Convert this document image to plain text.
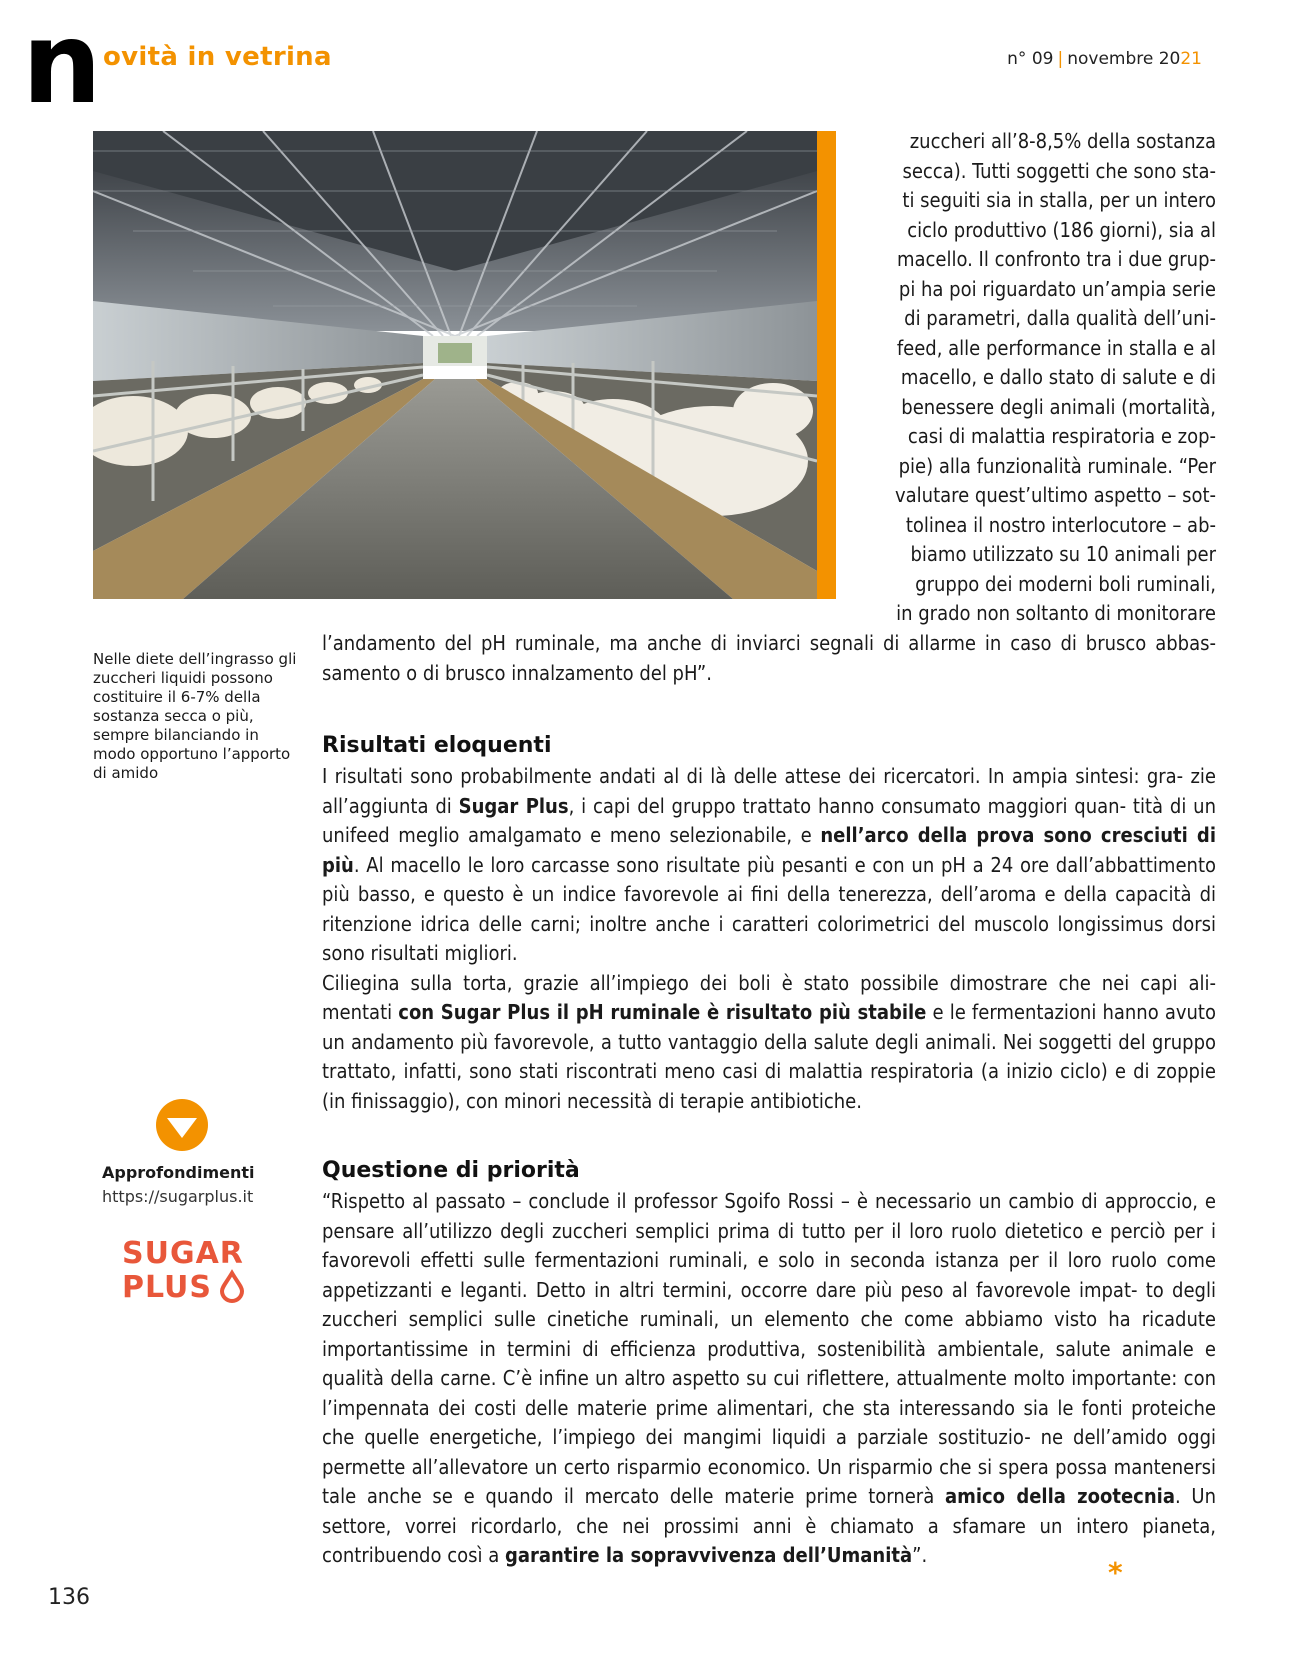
n ovità in vetrina	n° 09 | novembre 2021
zuccheri all’8-8,5% della sostanza
secca). Tutti soggetti che sono sta-
ti seguiti sia in stalla, per un intero
ciclo produttivo (186 giorni), sia al
macello. Il confronto tra i due grup-
pi ha poi riguardato un’ampia serie
di parametri, dalla qualità dell’uni-
feed, alle performance in stalla e al
macello, e dallo stato di salute e di
benessere degli animali (mortalità,
casi di malattia respiratoria e zop-
pie) alla funzionalità ruminale. “Per
valutare quest’ultimo aspetto – sot-
tolinea il nostro interlocutore – ab-
biamo utilizzato su 10 animali per
gruppo dei moderni boli ruminali,
in grado non soltanto di monitorare
l’andamento del pH ruminale, ma anche di inviarci segnali di allarme in caso di brusco abbas- samento o di brusco innalzamento del pH”.
Nelle diete dell’ingrasso gli zuccheri liquidi possono costituire il 6-7% della sostanza secca o più, sempre bilanciando in modo opportuno l’apporto di amido
Risultati eloquenti

I risultati sono probabilmente andati al di là delle attese dei ricercatori. In ampia sintesi: gra- zie all’aggiunta di Sugar Plus, i capi del gruppo trattato hanno consumato maggiori quan- tità di un unifeed meglio amalgamato e meno selezionabile, e nell’arco della prova sono cresciuti di più. Al macello le loro carcasse sono risultate più pesanti e con un pH a 24 ore dall’abbattimento più basso, e questo è un indice favorevole ai fini della tenerezza, dell’aroma e della capacità di ritenzione idrica delle carni; inoltre anche i caratteri colorimetrici del muscolo longissimus dorsi sono risultati migliori.

Ciliegina sulla torta, grazie all’impiego dei boli è stato possibile dimostrare che nei capi ali- mentati con Sugar Plus il pH ruminale è risultato più stabile e le fermentazioni hanno avuto un andamento più favorevole, a tutto vantaggio della salute degli animali. Nei soggetti del gruppo trattato, infatti, sono stati riscontrati meno casi di malattia respiratoria (a inizio ciclo) e di zoppie (in finissaggio), con minori necessità di terapie antibiotiche.

Questione di priorità

“Rispetto al passato – conclude il professor Sgoifo Rossi – è necessario un cambio di approccio, e pensare all’utilizzo degli zuccheri semplici prima di tutto per il loro ruolo dietetico e perciò per i favorevoli effetti sulle fermentazioni ruminali, e solo in seconda istanza per il loro ruolo come appetizzanti e leganti. Detto in altri termini, occorre dare più peso al favorevole impat- to degli zuccheri semplici sulle cinetiche ruminali, un elemento che come abbiamo visto ha ricadute importantissime in termini di efficienza produttiva, sostenibilità ambientale, salute animale e qualità della carne. C’è infine un altro aspetto su cui riflettere, attualmente molto importante: con l’impennata dei costi delle materie prime alimentari, che sta interessando sia le fonti proteiche che quelle energetiche, l’impiego dei mangimi liquidi a parziale sostituzio- ne dell’amido oggi permette all’allevatore un certo risparmio economico. Un risparmio che si spera possa mantenersi tale anche se e quando il mercato delle materie prime tornerà amico della zootecnia. Un settore, vorrei ricordarlo, che nei prossimi anni è chiamato a sfamare un intero pianeta, contribuendo così a garantire la sopravvivenza dell’Umanità”.

Approfondimenti
https://sugarplus.it
SUGAR
PLUS
136
*
